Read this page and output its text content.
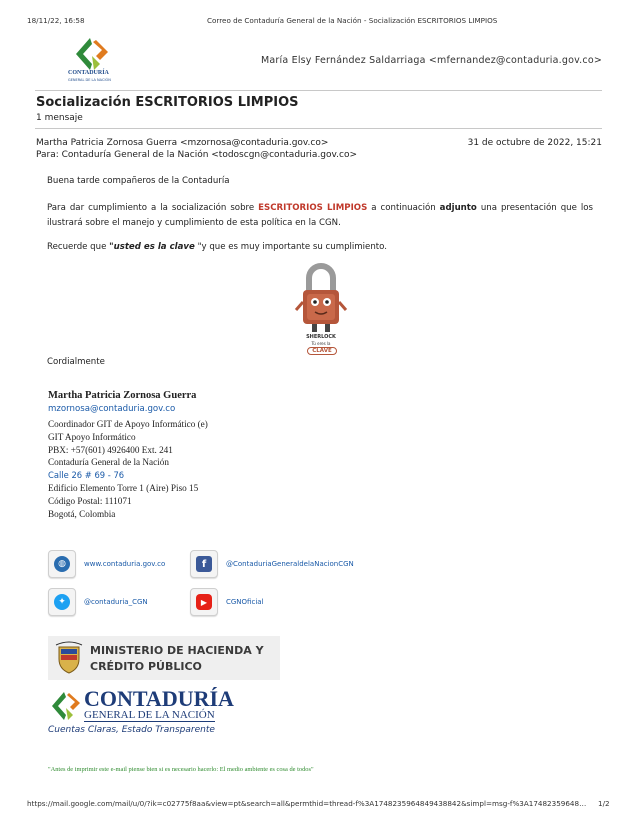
18/11/22, 16:58	Correo de Contaduría General de la Nación - Socialización ESCRITORIOS LIMPIOS
CONTADURÍA
GENERAL DE LA NACIÓN
María Elsy Fernández Saldarriaga <mfernandez@contaduria.gov.co>
Socialización ESCRITORIOS LIMPIOS
1 mensaje
Martha Patricia Zornosa Guerra <mzornosa@contaduria.gov.co>	31 de octubre de 2022, 15:21
Para: Contaduría General de la Nación <todoscgn@contaduria.gov.co>
Buena tarde compañeros de la Contaduría
Para dar cumplimiento a la socialización sobre ESCRITORIOS LIMPIOS a continuación adjunto una presentación que los ilustrará sobre el manejo y cumplimiento de esta política en la CGN.
Recuerde que "usted es la clave "y que es muy importante su cumplimiento.
SHERLOCK
Tú eres la
CLAVE
Cordialmente
Martha Patricia Zornosa Guerra
mzornosa@contaduria.gov.co
Coordinador GIT de Apoyo Informático (e)
GIT Apoyo Informático
PBX: +57(601) 4926400 Ext. 241
Contaduría General de la Nación
Calle 26 # 69 - 76
Edificio Elemento Torre 1 (Aire) Piso 15
Código Postal: 111071
Bogotá, Colombia
◍	www.contaduria.gov.co	f	@ContaduriaGeneraldelaNacionCGN
✦	@contaduria_CGN	▶	CGNOficial
MINISTERIO DE HACIENDA Y
CRÉDITO PÚBLICO
CONTADURÍA
GENERAL DE LA NACIÓN
Cuentas Claras, Estado Transparente
"Antes de imprimir este e-mail piense bien si es necesario hacerlo: El medio ambiente es cosa de todos"
https://mail.google.com/mail/u/0/?ik=c02775f8aa&view=pt&search=all&permthid=thread-f%3A1748235964849438842&simpl=msg-f%3A17482359648… 1/2
